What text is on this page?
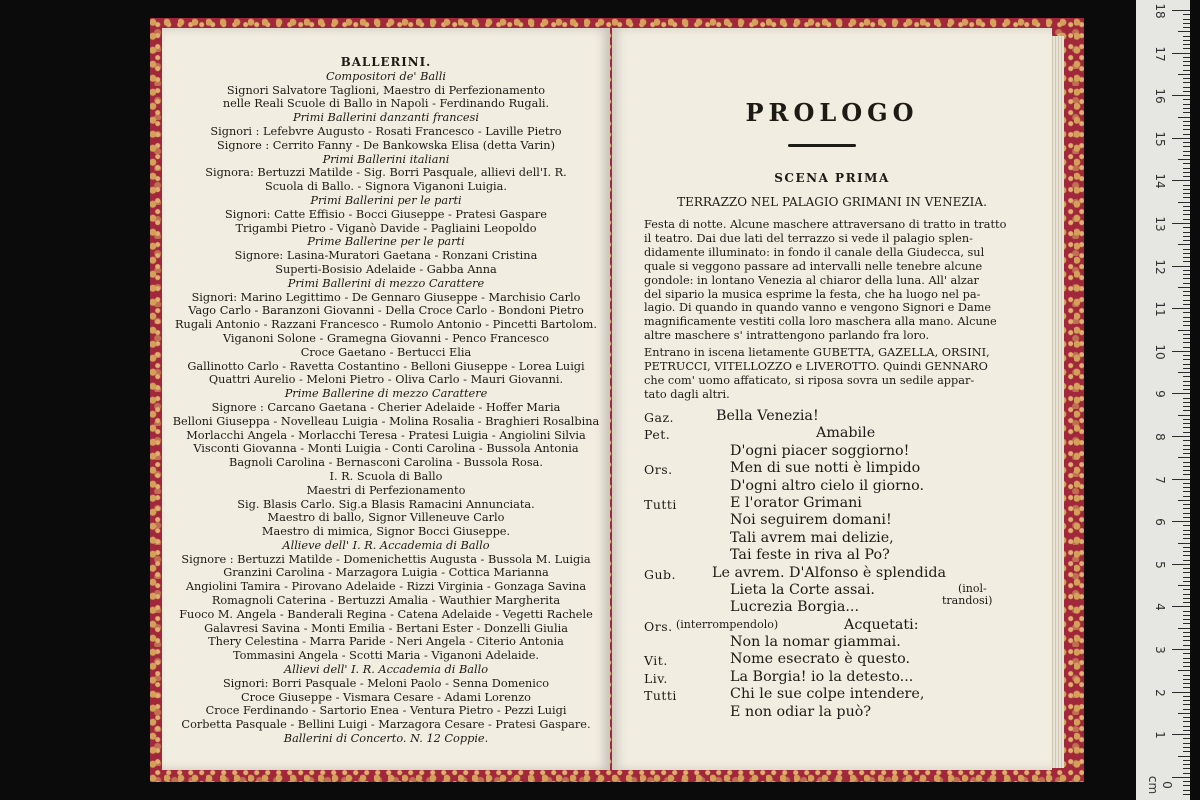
BALLERINI.
Compositori de' Balli
Signori Salvatore Taglioni, Maestro di Perfezionamento
nelle Reali Scuole di Ballo in Napoli - Ferdinando Rugali.
Primi Ballerini danzanti francesi
Signori : Lefebvre Augusto - Rosati Francesco - Laville Pietro
Signore : Cerrito Fanny - De Bankowska Elisa (detta Varin)
Primi Ballerini italiani
Signora: Bertuzzi Matilde - Sig. Borri Pasquale, allievi dell'I. R.
Scuola di Ballo. - Signora Viganoni Luigia.
Primi Ballerini per le parti
Signori: Catte Effisio - Bocci Giuseppe - Pratesi Gaspare
Trigambi Pietro - Viganò Davide - Pagliaini Leopoldo
Prime Ballerine per le parti
Signore: Lasina-Muratori Gaetana - Ronzani Cristina
Superti-Bosisio Adelaide - Gabba Anna
Primi Ballerini di mezzo Carattere
Signori: Marino Legittimo - De Gennaro Giuseppe - Marchisio Carlo
Vago Carlo - Baranzoni Giovanni - Della Croce Carlo - Bondoni Pietro
Rugali Antonio - Razzani Francesco - Rumolo Antonio - Pincetti Bartolom.
Viganoni Solone - Gramegna Giovanni - Penco Francesco
Croce Gaetano - Bertucci Elia
Gallinotto Carlo - Ravetta Costantino - Belloni Giuseppe - Lorea Luigi
Quattri Aurelio - Meloni Pietro - Oliva Carlo - Mauri Giovanni.
Prime Ballerine di mezzo Carattere
Signore : Carcano Gaetana - Cherier Adelaide - Hoffer Maria
Belloni Giuseppa - Novelleau Luigia - Molina Rosalia - Braghieri Rosalbina
Morlacchi Angela - Morlacchi Teresa - Pratesi Luigia - Angiolini Silvia
Visconti Giovanna - Monti Luigia - Conti Carolina - Bussola Antonia
Bagnoli Carolina - Bernasconi Carolina - Bussola Rosa.
I. R. Scuola di Ballo
Maestri di Perfezionamento
Sig. Blasis Carlo. Sig.a Blasis Ramacini Annunciata.
Maestro di ballo, Signor Villeneuve Carlo
Maestro di mimica, Signor Bocci Giuseppe.
Allieve dell' I. R. Accademia di Ballo
Signore : Bertuzzi Matilde - Domenichettis Augusta - Bussola M. Luigia
Granzini Carolina - Marzagora Luigia - Cottica Marianna
Angiolini Tamira - Pirovano Adelaide - Rizzi Virginia - Gonzaga Savina
Romagnoli Caterina - Bertuzzi Amalia - Wauthier Margherita
Fuoco M. Angela - Banderali Regina - Catena Adelaide - Vegetti Rachele
Galavresi Savina - Monti Emilia - Bertani Ester - Donzelli Giulia
Thery Celestina - Marra Paride - Neri Angela - Citerio Antonia
Tommasini Angela - Scotti Maria - Viganoni Adelaide.
Allievi dell' I. R. Accademia di Ballo
Signori: Borri Pasquale - Meloni Paolo - Senna Domenico
Croce Giuseppe - Vismara Cesare - Adami Lorenzo
Croce Ferdinando - Sartorio Enea - Ventura Pietro - Pezzi Luigi
Corbetta Pasquale - Bellini Luigi - Marzagora Cesare - Pratesi Gaspare.
Ballerini di Concerto. N. 12 Coppie.
PROLOGO
SCENA PRIMA
TERRAZZO NEL PALAGIO GRIMANI IN VENEZIA.
Festa di notte. Alcune maschere attraversano di tratto in tratto
il teatro. Dai due lati del terrazzo si vede il palagio splen-
didamente illuminato: in fondo il canale della Giudecca, sul
quale si veggono passare ad intervalli nelle tenebre alcune
gondole: in lontano Venezia al chiaror della luna. All' alzar
del sipario la musica esprime la festa, che ha luogo nel pa-
lagio. Di quando in quando vanno e vengono Signori e Dame
magnificamente vestiti colla loro maschera alla mano. Alcune
altre maschere s' intrattengono parlando fra loro.
Entrano in iscena lietamente GUBETTA, GAZELLA, ORSINI,
PETRUCCI, VITELLOZZO e LIVEROTTO. Quindi GENNARO
che com' uomo affaticato, si riposa sovra un sedile appar-
tato dagli altri.
Gaz.	Bella Venezia!
Pet.	Amabile
D'ogni piacer soggiorno!
Ors.	Men di sue notti è limpido
D'ogni altro cielo il giorno.
Tutti	E l'orator Grimani
Noi seguirem domani!
Tali avrem mai delizie,
Tai feste in riva al Po?
Gub.	Le avrem. D'Alfonso è splendida
Lieta la Corte assai.
Lucrezia Borgia...
Ors.	Acquetati:
Non la nomar giammai.
Vit.	Nome esecrato è questo.
Liv.	La Borgia! io la detesto...
Tutti	Chi le sue colpe intendere,
E non odiar la può?
(interrompendolo)
(inol-
trandosi)
18
17
16
15
14
13
12
11
10
9
8
7
6
5
4
3
2
1
0 cm
